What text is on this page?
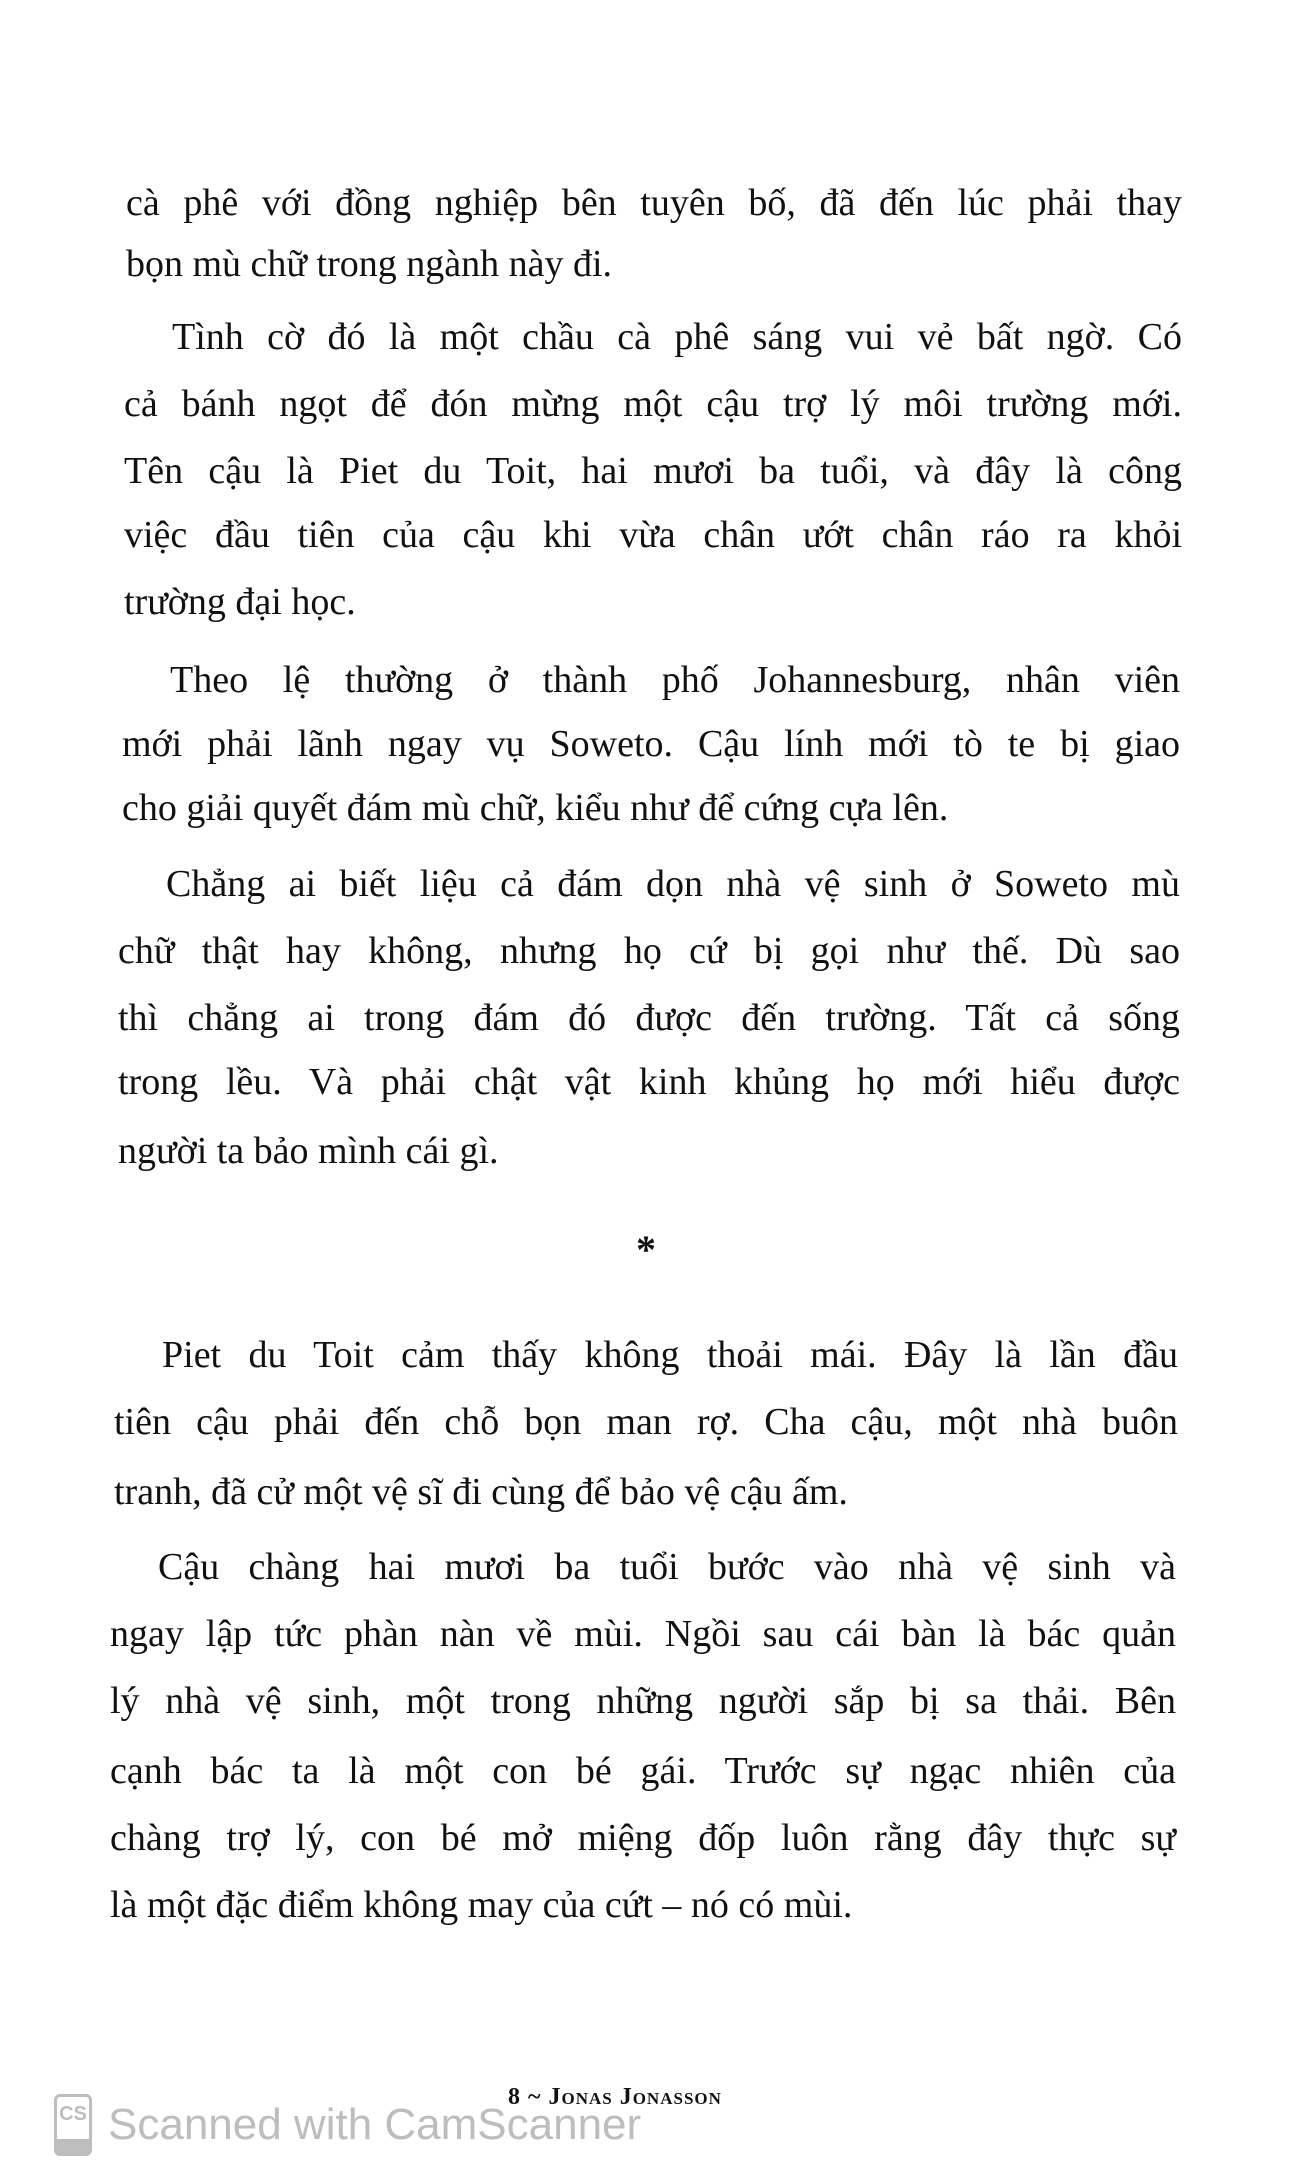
cà phê với đồng nghiệp bên tuyên bố, đã đến lúc phải thay
bọn mù chữ trong ngành này đi.
Tình cờ đó là một chầu cà phê sáng vui vẻ bất ngờ. Có
cả bánh ngọt để đón mừng một cậu trợ lý môi trường mới.
Tên cậu là Piet du Toit, hai mươi ba tuổi, và đây là công
việc đầu tiên của cậu khi vừa chân ướt chân ráo ra khỏi
trường đại học.
Theo lệ thường ở thành phố Johannesburg, nhân viên
mới phải lãnh ngay vụ Soweto. Cậu lính mới tò te bị giao
cho giải quyết đám mù chữ, kiểu như để cứng cựa lên.
Chẳng ai biết liệu cả đám dọn nhà vệ sinh ở Soweto mù
chữ thật hay không, nhưng họ cứ bị gọi như thế. Dù sao
thì chẳng ai trong đám đó được đến trường. Tất cả sống
trong lều. Và phải chật vật kinh khủng họ mới hiểu được
người ta bảo mình cái gì.
Piet du Toit cảm thấy không thoải mái. Đây là lần đầu
tiên cậu phải đến chỗ bọn man rợ. Cha cậu, một nhà buôn
tranh, đã cử một vệ sĩ đi cùng để bảo vệ cậu ấm.
Cậu chàng hai mươi ba tuổi bước vào nhà vệ sinh và
ngay lập tức phàn nàn về mùi. Ngồi sau cái bàn là bác quản
lý nhà vệ sinh, một trong những người sắp bị sa thải. Bên
cạnh bác ta là một con bé gái. Trước sự ngạc nhiên của
chàng trợ lý, con bé mở miệng đốp luôn rằng đây thực sự
là một đặc điểm không may của cứt – nó có mùi.
*
CS Scanned with CamScanner
8 ~ Jonas Jonasson
